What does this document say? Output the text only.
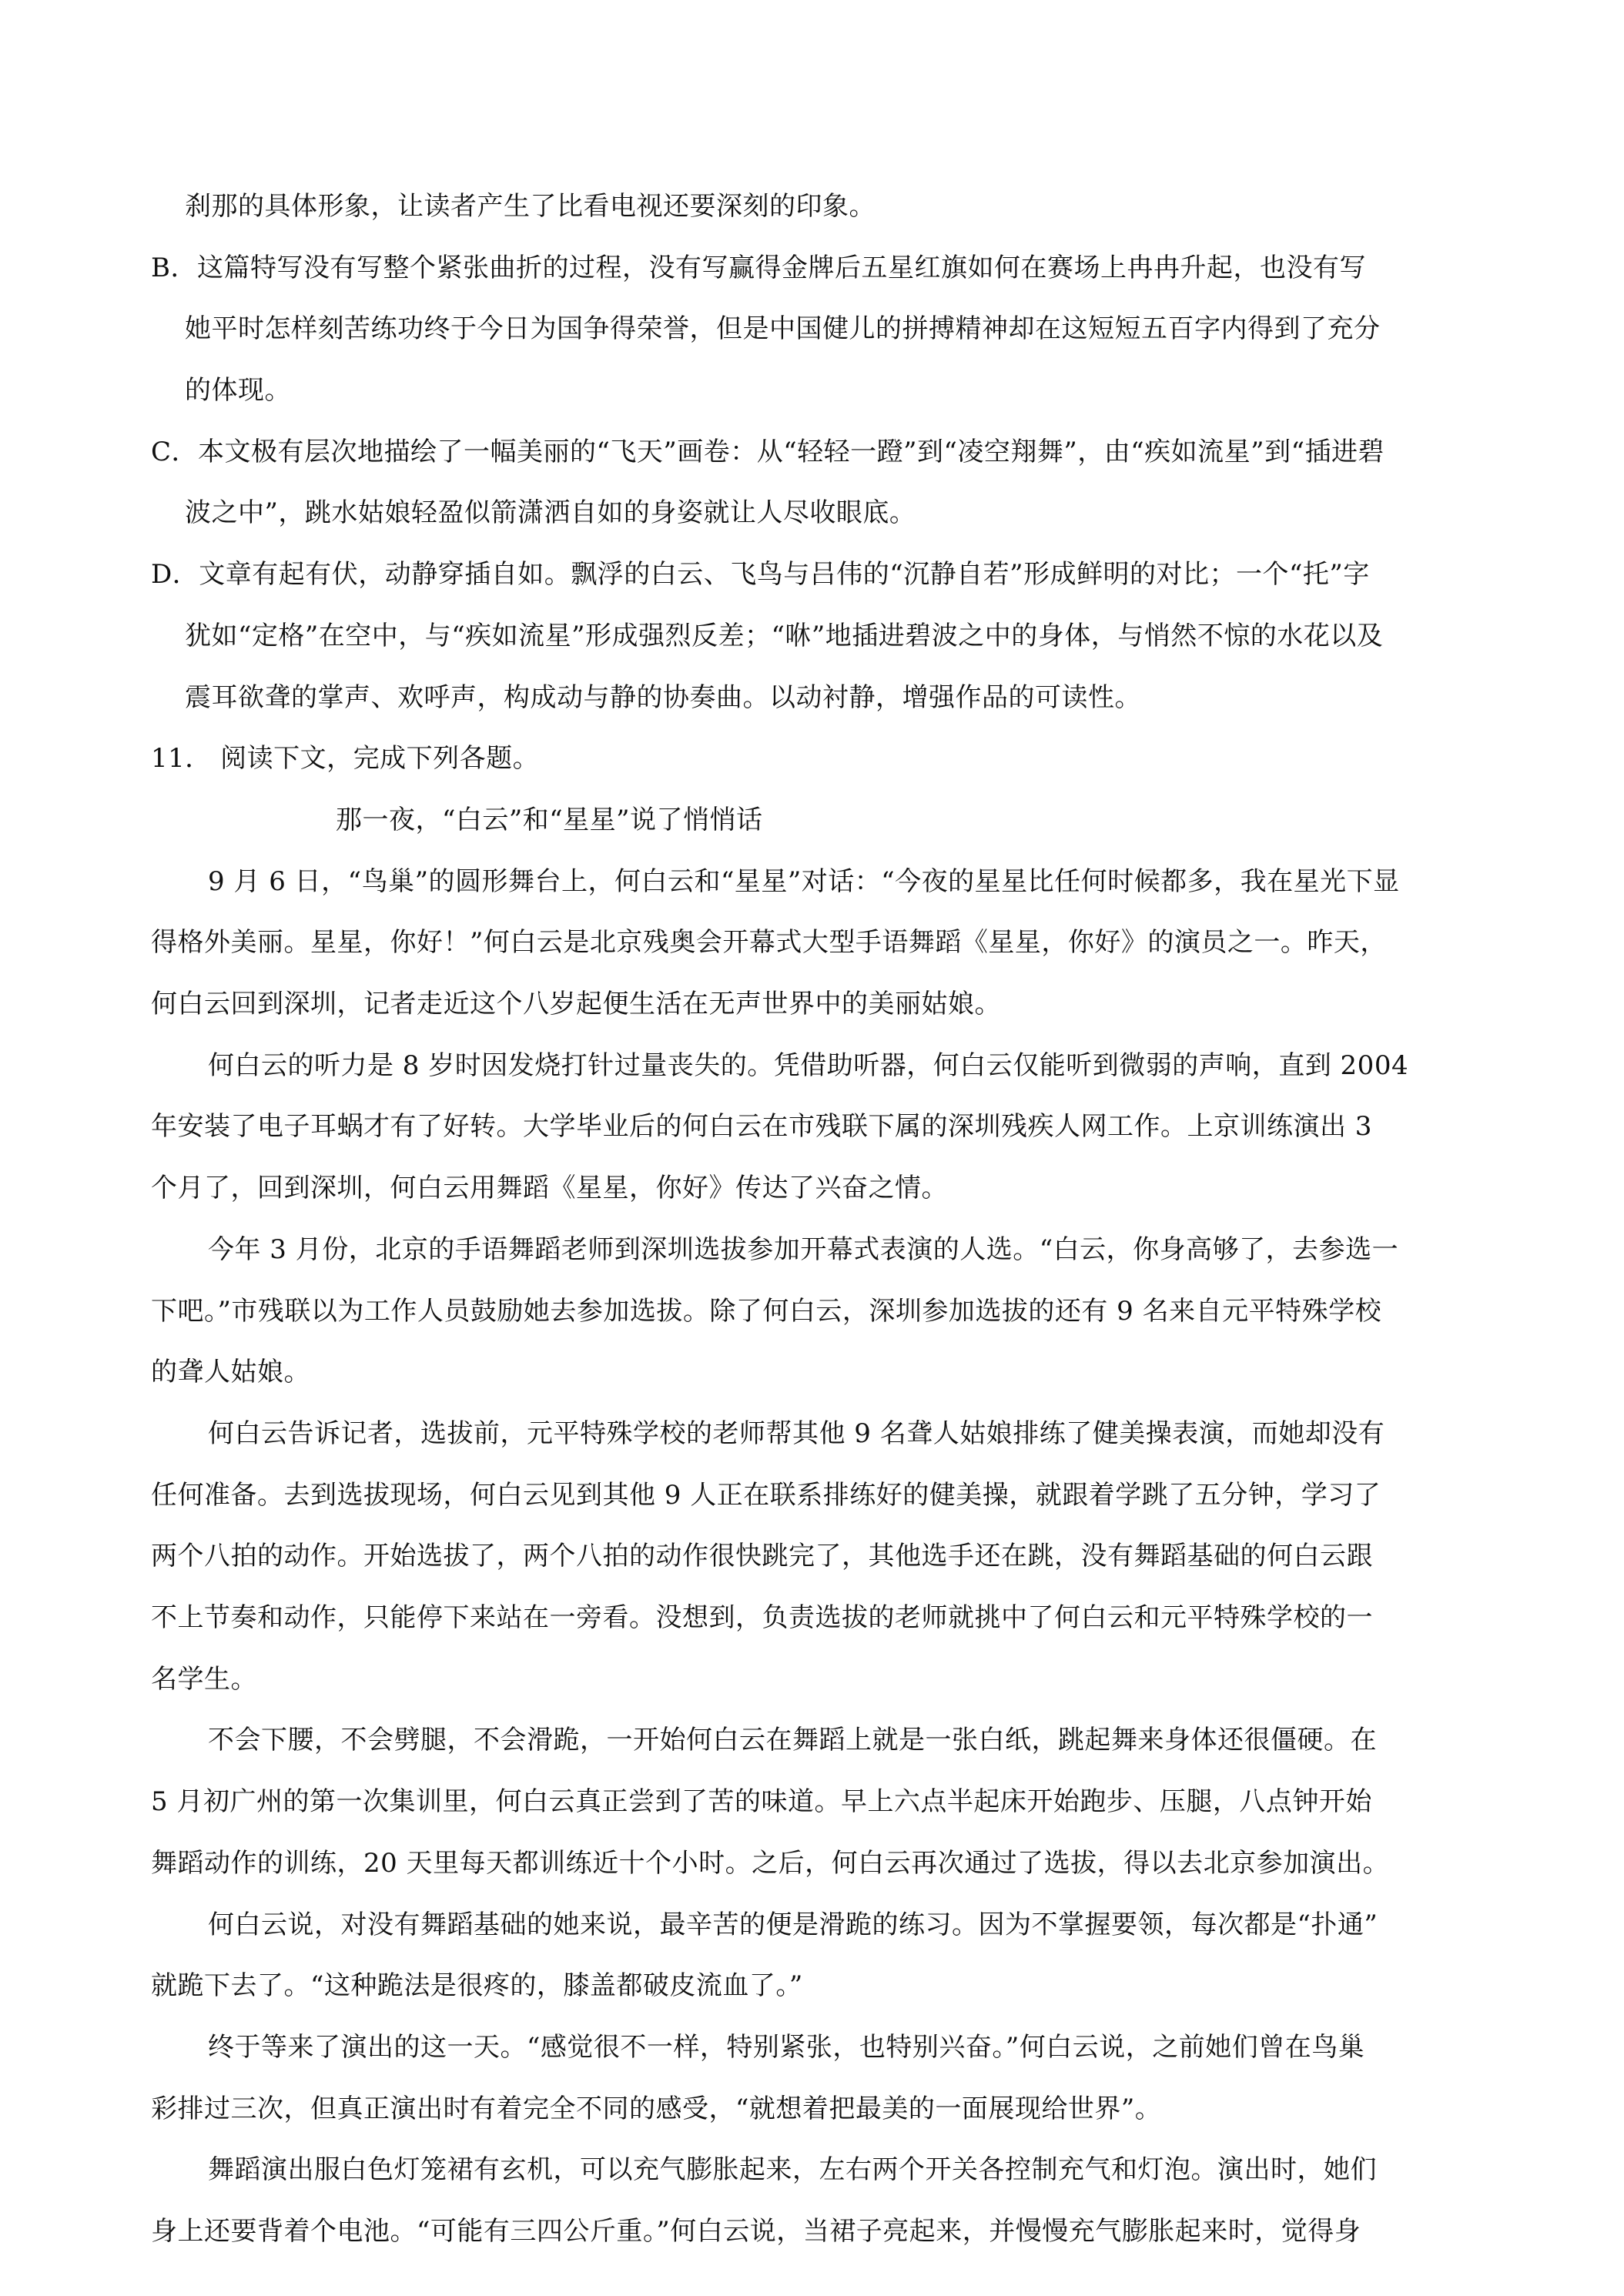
刹那的具体形象，让读者产生了比看电视还要深刻的印象。
B．这篇特写没有写整个紧张曲折的过程，没有写赢得金牌后五星红旗如何在赛场上冉冉升起，也没有写
她平时怎样刻苦练功终于今日为国争得荣誉，但是中国健儿的拼搏精神却在这短短五百字内得到了充分
的体现。
C．本文极有层次地描绘了一幅美丽的“飞天”画卷：从“轻轻一蹬”到“凌空翔舞”，由“疾如流星”到“插进碧
波之中”，跳水姑娘轻盈似箭潇洒自如的身姿就让人尽收眼底。
D．文章有起有伏，动静穿插自如。飘浮的白云、飞鸟与吕伟的“沉静自若”形成鲜明的对比；一个“托”字
犹如“定格”在空中，与“疾如流星”形成强烈反差；“咻”地插进碧波之中的身体，与悄然不惊的水花以及
震耳欲聋的掌声、欢呼声，构成动与静的协奏曲。以动衬静，增强作品的可读性。
11． 阅读下文，完成下列各题。
那一夜，“白云”和“星星”说了悄悄话
9 月 6 日，“鸟巢”的圆形舞台上，何白云和“星星”对话：“今夜的星星比任何时候都多，我在星光下显
得格外美丽。星星，你好！”何白云是北京残奥会开幕式大型手语舞蹈《星星，你好》的演员之一。昨天，
何白云回到深圳，记者走近这个八岁起便生活在无声世界中的美丽姑娘。
何白云的听力是 8 岁时因发烧打针过量丧失的。凭借助听器，何白云仅能听到微弱的声响，直到 2004
年安装了电子耳蜗才有了好转。大学毕业后的何白云在市残联下属的深圳残疾人网工作。上京训练演出 3
个月了，回到深圳，何白云用舞蹈《星星，你好》传达了兴奋之情。
今年 3 月份，北京的手语舞蹈老师到深圳选拔参加开幕式表演的人选。“白云，你身高够了，去参选一
下吧。”市残联以为工作人员鼓励她去参加选拔。除了何白云，深圳参加选拔的还有 9 名来自元平特殊学校
的聋人姑娘。
何白云告诉记者，选拔前，元平特殊学校的老师帮其他 9 名聋人姑娘排练了健美操表演，而她却没有
任何准备。去到选拔现场，何白云见到其他 9 人正在联系排练好的健美操，就跟着学跳了五分钟，学习了
两个八拍的动作。开始选拔了，两个八拍的动作很快跳完了，其他选手还在跳，没有舞蹈基础的何白云跟
不上节奏和动作，只能停下来站在一旁看。没想到，负责选拔的老师就挑中了何白云和元平特殊学校的一
名学生。
不会下腰，不会劈腿，不会滑跪，一开始何白云在舞蹈上就是一张白纸，跳起舞来身体还很僵硬。在
5 月初广州的第一次集训里，何白云真正尝到了苦的味道。早上六点半起床开始跑步、压腿，八点钟开始
舞蹈动作的训练，20 天里每天都训练近十个小时。之后，何白云再次通过了选拔，得以去北京参加演出。
何白云说，对没有舞蹈基础的她来说，最辛苦的便是滑跪的练习。因为不掌握要领，每次都是“扑通”
就跪下去了。“这种跪法是很疼的，膝盖都破皮流血了。”
终于等来了演出的这一天。“感觉很不一样，特别紧张，也特别兴奋。”何白云说，之前她们曾在鸟巢
彩排过三次，但真正演出时有着完全不同的感受，“就想着把最美的一面展现给世界”。
舞蹈演出服白色灯笼裙有玄机，可以充气膨胀起来，左右两个开关各控制充气和灯泡。演出时，她们
身上还要背着个电池。“可能有三四公斤重。”何白云说，当裙子亮起来，并慢慢充气膨胀起来时，觉得身
